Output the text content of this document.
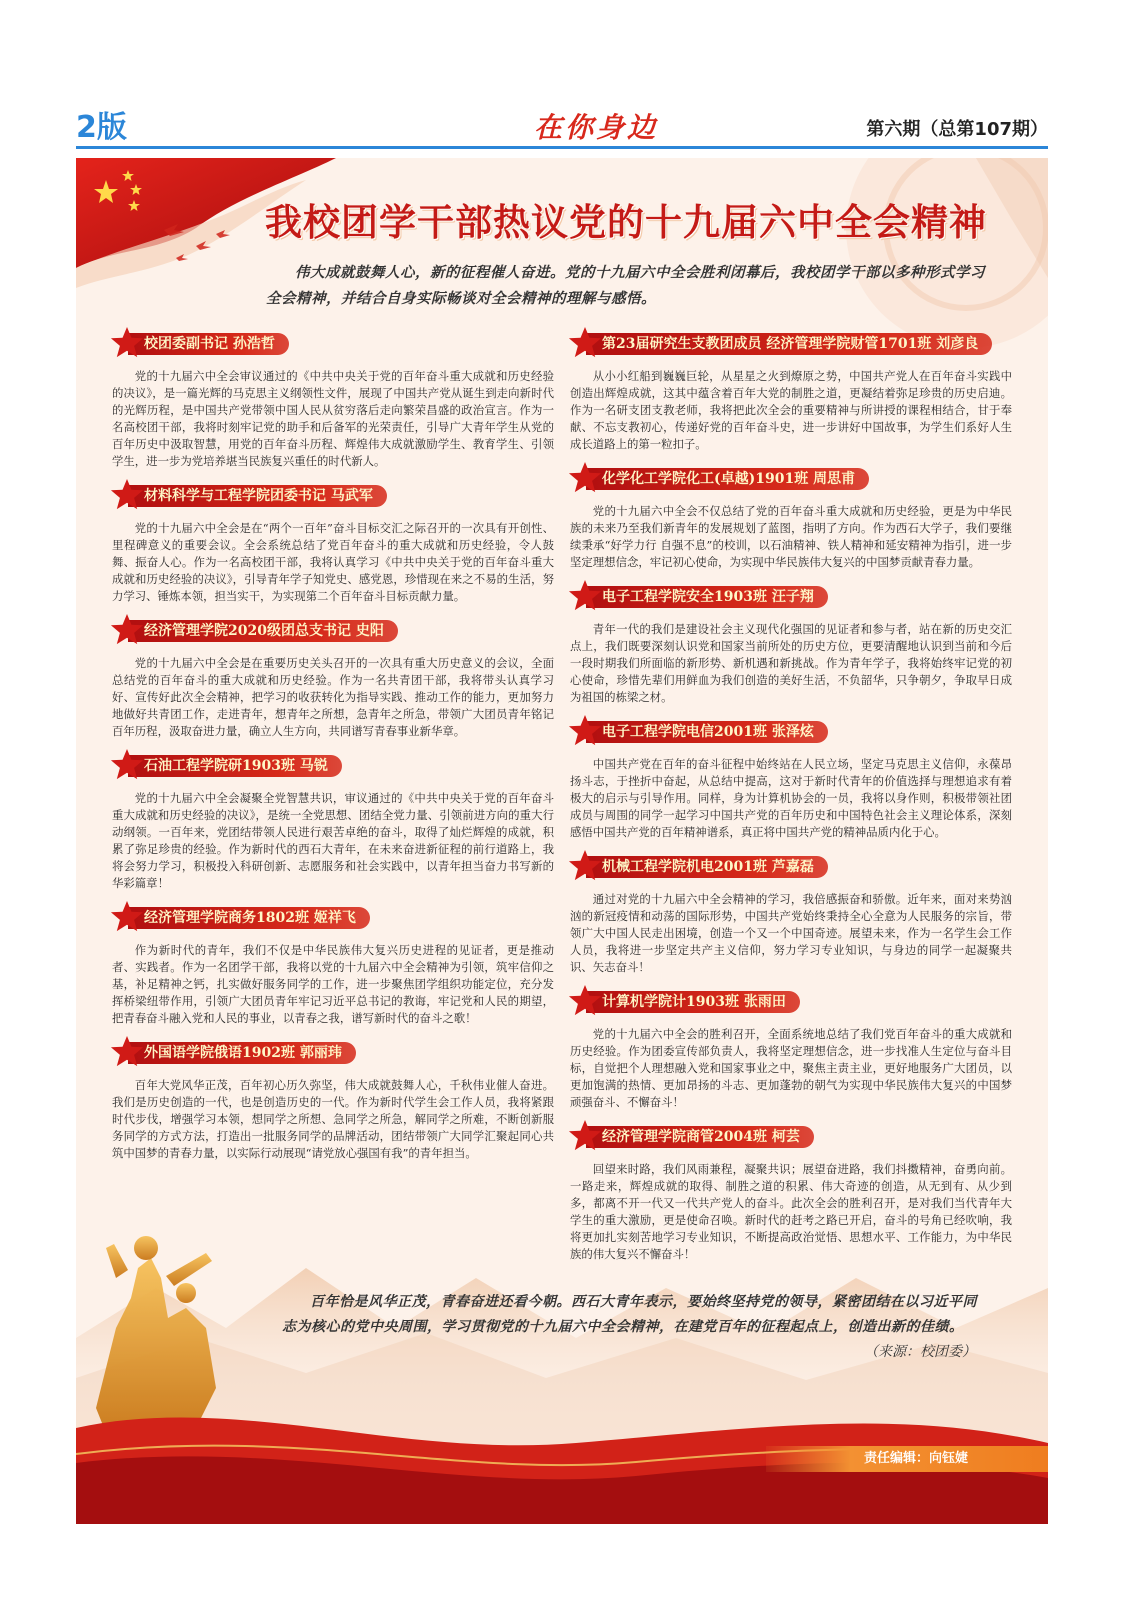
2版	在你身边	第六期（总第107期）
我校团学干部热议党的十九届六中全会精神
伟大成就鼓舞人心，新的征程催人奋进。党的十九届六中全会胜利闭幕后，我校团学干部以多种形式学习全会精神，并结合自身实际畅谈对全会精神的理解与感悟。
校团委副书记 孙浩哲

党的十九届六中全会审议通过的《中共中央关于党的百年奋斗重大成就和历史经验的决议》，是一篇光辉的马克思主义纲领性文件，展现了中国共产党从诞生到走向新时代的光辉历程，是中国共产党带领中国人民从贫穷落后走向繁荣昌盛的政治宣言。作为一名高校团干部，我将时刻牢记党的助手和后备军的光荣责任，引导广大青年学生从党的百年历史中汲取智慧，用党的百年奋斗历程、辉煌伟大成就激励学生、教育学生、引领学生，进一步为党培养堪当民族复兴重任的时代新人。

材料科学与工程学院团委书记 马武军

党的十九届六中全会是在“两个一百年”奋斗目标交汇之际召开的一次具有开创性、里程碑意义的重要会议。全会系统总结了党百年奋斗的重大成就和历史经验，令人鼓舞、振奋人心。作为一名高校团干部，我将认真学习《中共中央关于党的百年奋斗重大成就和历史经验的决议》，引导青年学子知党史、感党恩，珍惜现在来之不易的生活，努力学习、锤炼本领，担当实干，为实现第二个百年奋斗目标贡献力量。

经济管理学院2020级团总支书记 史阳

党的十九届六中全会是在重要历史关头召开的一次具有重大历史意义的会议，全面总结党的百年奋斗的重大成就和历史经验。作为一名共青团干部，我将带头认真学习好、宣传好此次全会精神，把学习的收获转化为指导实践、推动工作的能力，更加努力地做好共青团工作，走进青年，想青年之所想，急青年之所急，带领广大团员青年铭记百年历程，汲取奋进力量，确立人生方向，共同谱写青春事业新华章。

石油工程学院研1903班 马锐

党的十九届六中全会凝聚全党智慧共识，审议通过的《中共中央关于党的百年奋斗重大成就和历史经验的决议》，是统一全党思想、团结全党力量、引领前进方向的重大行动纲领。一百年来，党团结带领人民进行艰苦卓绝的奋斗，取得了灿烂辉煌的成就，积累了弥足珍贵的经验。作为新时代的西石大青年，在未来奋进新征程的前行道路上，我将会努力学习，积极投入科研创新、志愿服务和社会实践中，以青年担当奋力书写新的华彩篇章！

经济管理学院商务1802班 姬祥飞

作为新时代的青年，我们不仅是中华民族伟大复兴历史进程的见证者，更是推动者、实践者。作为一名团学干部，我将以党的十九届六中全会精神为引领，筑牢信仰之基，补足精神之钙，扎实做好服务同学的工作，进一步聚焦团学组织功能定位，充分发挥桥梁纽带作用，引领广大团员青年牢记习近平总书记的教诲，牢记党和人民的期望，把青春奋斗融入党和人民的事业，以青春之我，谱写新时代的奋斗之歌！

外国语学院俄语1902班 郭丽玮

百年大党风华正茂，百年初心历久弥坚，伟大成就鼓舞人心，千秋伟业催人奋进。我们是历史创造的一代，也是创造历史的一代。作为新时代学生会工作人员，我将紧跟时代步伐，增强学习本领，想同学之所想、急同学之所急，解同学之所难，不断创新服务同学的方式方法，打造出一批服务同学的品牌活动，团结带领广大同学汇聚起同心共筑中国梦的青春力量，以实际行动展现“请党放心强国有我”的青年担当。

第23届研究生支教团成员 经济管理学院财管1701班 刘彦良

从小小红船到巍巍巨轮，从星星之火到燎原之势，中国共产党人在百年奋斗实践中创造出辉煌成就，这其中蕴含着百年大党的制胜之道，更凝结着弥足珍贵的历史启迪。作为一名研支团支教老师，我将把此次全会的重要精神与所讲授的课程相结合，甘于奉献、不忘支教初心，传递好党的百年奋斗史，进一步讲好中国故事，为学生们系好人生成长道路上的第一粒扣子。

化学化工学院化工(卓越)1901班 周思甫

党的十九届六中全会不仅总结了党的百年奋斗重大成就和历史经验，更是为中华民族的未来乃至我们新青年的发展规划了蓝图，指明了方向。作为西石大学子，我们要继续秉承“好学力行 自强不息”的校训，以石油精神、铁人精神和延安精神为指引，进一步坚定理想信念，牢记初心使命，为实现中华民族伟大复兴的中国梦贡献青春力量。

电子工程学院安全1903班 汪子翔

青年一代的我们是建设社会主义现代化强国的见证者和参与者，站在新的历史交汇点上，我们既要深刻认识党和国家当前所处的历史方位，更要清醒地认识到当前和今后一段时期我们所面临的新形势、新机遇和新挑战。作为青年学子，我将始终牢记党的初心使命，珍惜先辈们用鲜血为我们创造的美好生活，不负韶华，只争朝夕，争取早日成为祖国的栋梁之材。

电子工程学院电信2001班 张泽炫

中国共产党在百年的奋斗征程中始终站在人民立场，坚定马克思主义信仰，永葆昂扬斗志，于挫折中奋起，从总结中提高，这对于新时代青年的价值选择与理想追求有着极大的启示与引导作用。同样，身为计算机协会的一员，我将以身作则，积极带领社团成员与周围的同学一起学习中国共产党的百年历史和中国特色社会主义理论体系，深刻感悟中国共产党的百年精神谱系，真正将中国共产党的精神品质内化于心。

机械工程学院机电2001班 芦嘉磊

通过对党的十九届六中全会精神的学习，我倍感振奋和骄傲。近年来，面对来势汹汹的新冠疫情和动荡的国际形势，中国共产党始终秉持全心全意为人民服务的宗旨，带领广大中国人民走出困境，创造一个又一个中国奇迹。展望未来，作为一名学生会工作人员，我将进一步坚定共产主义信仰，努力学习专业知识，与身边的同学一起凝聚共识、矢志奋斗！

计算机学院计1903班 张雨田

党的十九届六中全会的胜利召开，全面系统地总结了我们党百年奋斗的重大成就和历史经验。作为团委宣传部负责人，我将坚定理想信念，进一步找准人生定位与奋斗目标，自觉把个人理想融入党和国家事业之中，聚焦主责主业，更好地服务广大团员，以更加饱满的热情、更加昂扬的斗志、更加蓬勃的朝气为实现中华民族伟大复兴的中国梦顽强奋斗、不懈奋斗！

经济管理学院商管2004班 柯芸

回望来时路，我们风雨兼程，凝聚共识；展望奋进路，我们抖擞精神，奋勇向前。一路走来，辉煌成就的取得、制胜之道的积累、伟大奇迹的创造，从无到有、从少到多，都离不开一代又一代共产党人的奋斗。此次全会的胜利召开，是对我们当代青年大学生的重大激励，更是使命召唤。新时代的赶考之路已开启，奋斗的号角已经吹响，我将更加扎实刻苦地学习专业知识，不断提高政治觉悟、思想水平、工作能力，为中华民族的伟大复兴不懈奋斗！

百年恰是风华正茂，青春奋进还看今朝。西石大青年表示，要始终坚持党的领导，紧密团结在以习近平同志为核心的党中央周围，学习贯彻党的十九届六中全会精神，在建党百年的征程起点上，创造出新的佳绩。
（来源：校团委）
责任编辑：向钰婕
